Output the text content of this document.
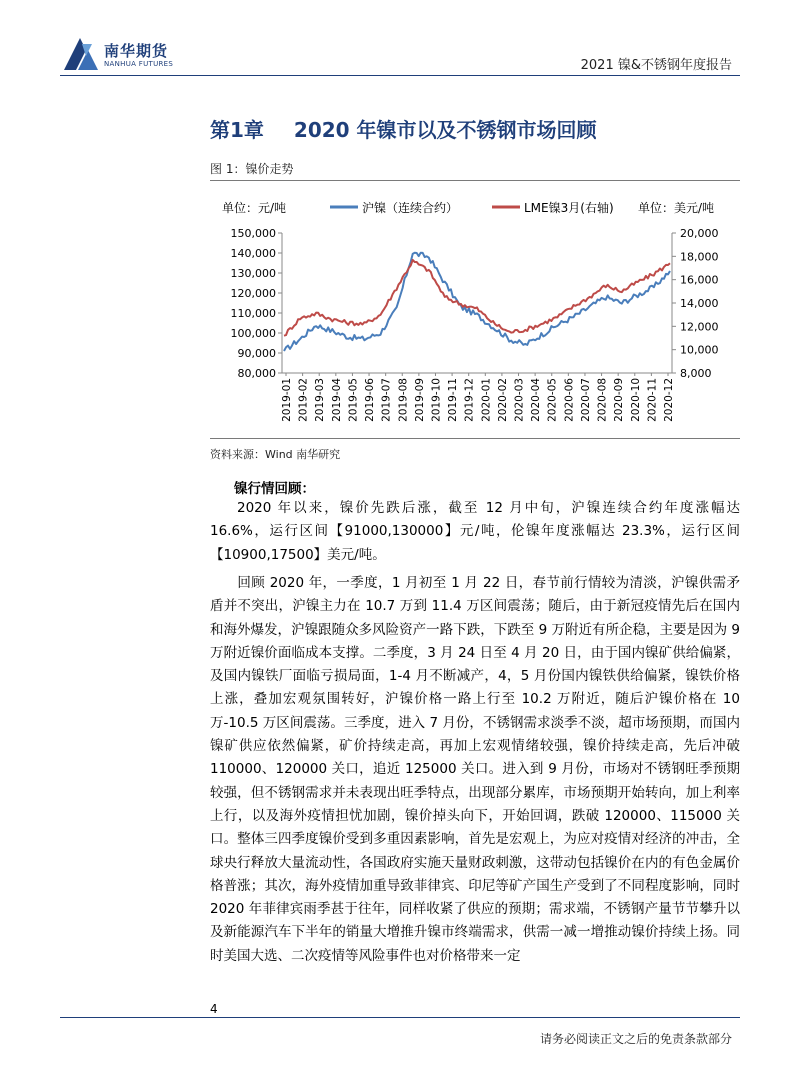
南华期货
NANHUA FUTURES	2021 镍&不锈钢年度报告
第1章 2020 年镍市以及不锈钢市场回顾
图 1：镍价走势
单位：元/吨	沪镍（连续合约）	LME镍3月(右轴) 单位：美元/吨
150,000
140,000
130,000
120,000
110,000
100,000
90,000
80,000
20,000
18,000
16,000
14,000
12,000
10,000
8,000
2019-01 2019-02 2019-03 2019-04 2019-05 2019-06 2019-07 2019-08 2019-09 2019-10 2019-11 2019-12 2020-01 2020-02 2020-03 2020-04 2020-05 2020-06 2020-07 2020-08 2020-09 2020-10 2020-11 2020-12
资料来源：Wind 南华研究
镍行情回顾：
2020 年以来，镍价先跌后涨，截至 12 月中旬，沪镍连续合约年度涨幅达 16.6%，运行区间【91000,130000】元/吨，伦镍年度涨幅达 23.3%，运行区间【10900,17500】美元/吨。
回顾 2020 年，一季度，1 月初至 1 月 22 日，春节前行情较为清淡，沪镍供需矛盾并不突出，沪镍主力在 10.7 万到 11.4 万区间震荡；随后，由于新冠疫情先后在国内和海外爆发，沪镍跟随众多风险资产一路下跌，下跌至 9 万附近有所企稳，主要是因为 9 万附近镍价面临成本支撑。二季度，3 月 24 日至 4 月 20 日，由于国内镍矿供给偏紧，及国内镍铁厂面临亏损局面，1-4 月不断减产，4，5 月份国内镍铁供给偏紧，镍铁价格上涨，叠加宏观氛围转好，沪镍价格一路上行至 10.2 万附近，随后沪镍价格在 10 万-10.5 万区间震荡。三季度，进入 7 月份，不锈钢需求淡季不淡，超市场预期，而国内镍矿供应依然偏紧，矿价持续走高，再加上宏观情绪较强，镍价持续走高，先后冲破 110000、120000 关口，追近 125000 关口。进入到 9 月份，市场对不锈钢旺季预期较强，但不锈钢需求并未表现出旺季特点，出现部分累库，市场预期开始转向，加上利率上行，以及海外疫情担忧加剧，镍价掉头向下，开始回调，跌破 120000、115000 关口。整体三四季度镍价受到多重因素影响，首先是宏观上，为应对疫情对经济的冲击，全球央行释放大量流动性，各国政府实施天量财政刺激，这带动包括镍价在内的有色金属价格普涨；其次，海外疫情加重导致菲律宾、印尼等矿产国生产受到了不同程度影响，同时 2020 年菲律宾雨季甚于往年，同样收紧了供应的预期；需求端，不锈钢产量节节攀升以及新能源汽车下半年的销量大增推升镍市终端需求，供需一减一增推动镍价持续上扬。同时美国大选、二次疫情等风险事件也对价格带来一定
4
请务必阅读正文之后的免责条款部分
